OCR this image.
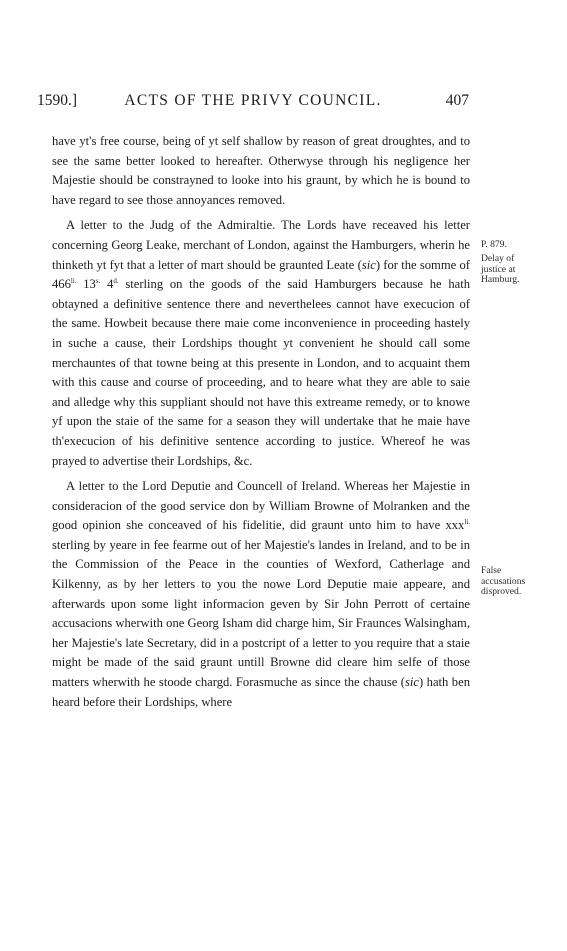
1590.]	ACTS OF THE PRIVY COUNCIL.	407

have yt's free course, being of yt self shallow by reason of great droughtes, and to see the same better looked to hereafter. Otherwyse through his negligence her Majestie should be constrayned to looke into his graunt, by which he is bound to have regard to see those annoyances removed.

A letter to the Judg of the Admiraltie. The Lords have receaved his letter concerning Georg Leake, merchant of London, against the Hamburgers, wherin he thinketh yt fyt that a letter of mart should be graunted Leate (sic) for the somme of $466^{li.}$ $13^{s.}$ $4^{d.}$ sterling on the goods of the said Hamburgers because he hath obtayned a definitive sentence there and neverthelees cannot have execucion of the same. Howbeit because there maie come inconvenience in proceeding hastely in suche a cause, their Lordships thought yt convenient he should call some merchauntes of that towne being at this presente in London, and to acquaint them with this cause and course of proceeding, and to heare what they are able to saie and alledge why this suppliant should not have this extreame remedy, or to knowe yf upon the staie of the same for a season they will undertake that he maie have th'execucion of his definitive sentence according to justice. Whereof he was prayed to advertise their Lordships, &c.

A letter to the Lord Deputie and Councell of Ireland. Whereas her Majestie in consideracion of the good service don by William Browne of Molranken and the good opinion she conceaved of his fidelitie, did graunt unto him to have xxx$^{li.}$ sterling by yeare in fee fearme out of her Majestie's landes in Ireland, and to be in the Commission of the Peace in the counties of Wexford, Catherlage and Kilkenny, as by her letters to you the nowe Lord Deputie maie appeare, and afterwards upon some light informacion geven by Sir John Perrott of certaine accusacions wherwith one Georg Isham did charge him, Sir Fraunces Walsingham, her Majestie's late Secretary, did in a postcript of a letter to you require that a staie might be made of the said graunt untill Browne did cleare him selfe of those matters wherwith he stoode chargd. Forasmuche as since the chause (sic) hath ben heard before their Lordships, where

P. 879.
Delay of justice at Hamburg.
False accusations disproved.
